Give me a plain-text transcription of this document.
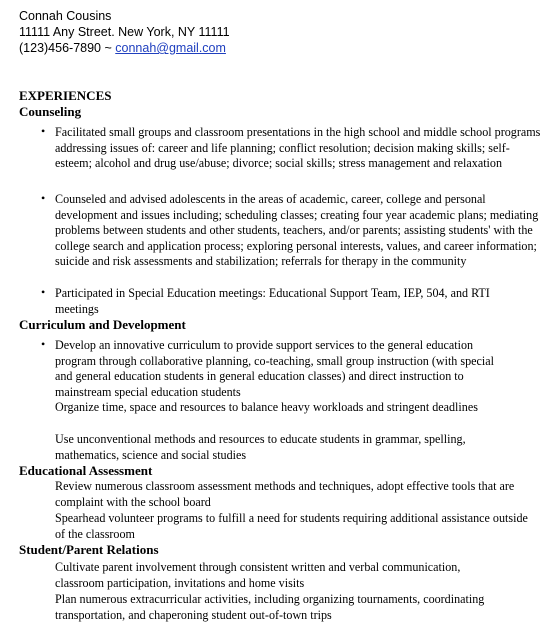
Connah Cousins
11111 Any Street. New York, NY 11111
(123)456-7890 ~ connah@gmail.com
EXPERIENCES
Counseling
• Facilitated small groups and classroom presentations in the high school and middle school programs addressing issues of: career and life planning; conflict resolution; decision making skills; self-esteem; alcohol and drug use/abuse; divorce; social skills; stress management and relaxation
• Counseled and advised adolescents in the areas of academic, career, college and personal development and issues including; scheduling classes; creating four year academic plans; mediating problems between students and other students, teachers, and/or parents; assisting students' with the college search and application process; exploring personal interests, values, and career information; suicide and risk assessments and stabilization; referrals for therapy in the community
• Participated in Special Education meetings: Educational Support Team, IEP, 504, and RTI meetings
Curriculum and Development
• Develop an innovative curriculum to provide support services to the general education program through collaborative planning, co-teaching, small group instruction (with special and general education students in general education classes) and direct instruction to mainstream special education students
Organize time, space and resources to balance heavy workloads and stringent deadlines
Use unconventional methods and resources to educate students in grammar, spelling, mathematics, science and social studies
Educational Assessment
Review numerous classroom assessment methods and techniques, adopt effective tools that are complaint with the school board
Spearhead volunteer programs to fulfill a need for students requiring additional assistance outside of the classroom
Student/Parent Relations
Cultivate parent involvement through consistent written and verbal communication, classroom participation, invitations and home visits
Plan numerous extracurricular activities, including organizing tournaments, coordinating transportation, and chaperoning student out-of-town trips
